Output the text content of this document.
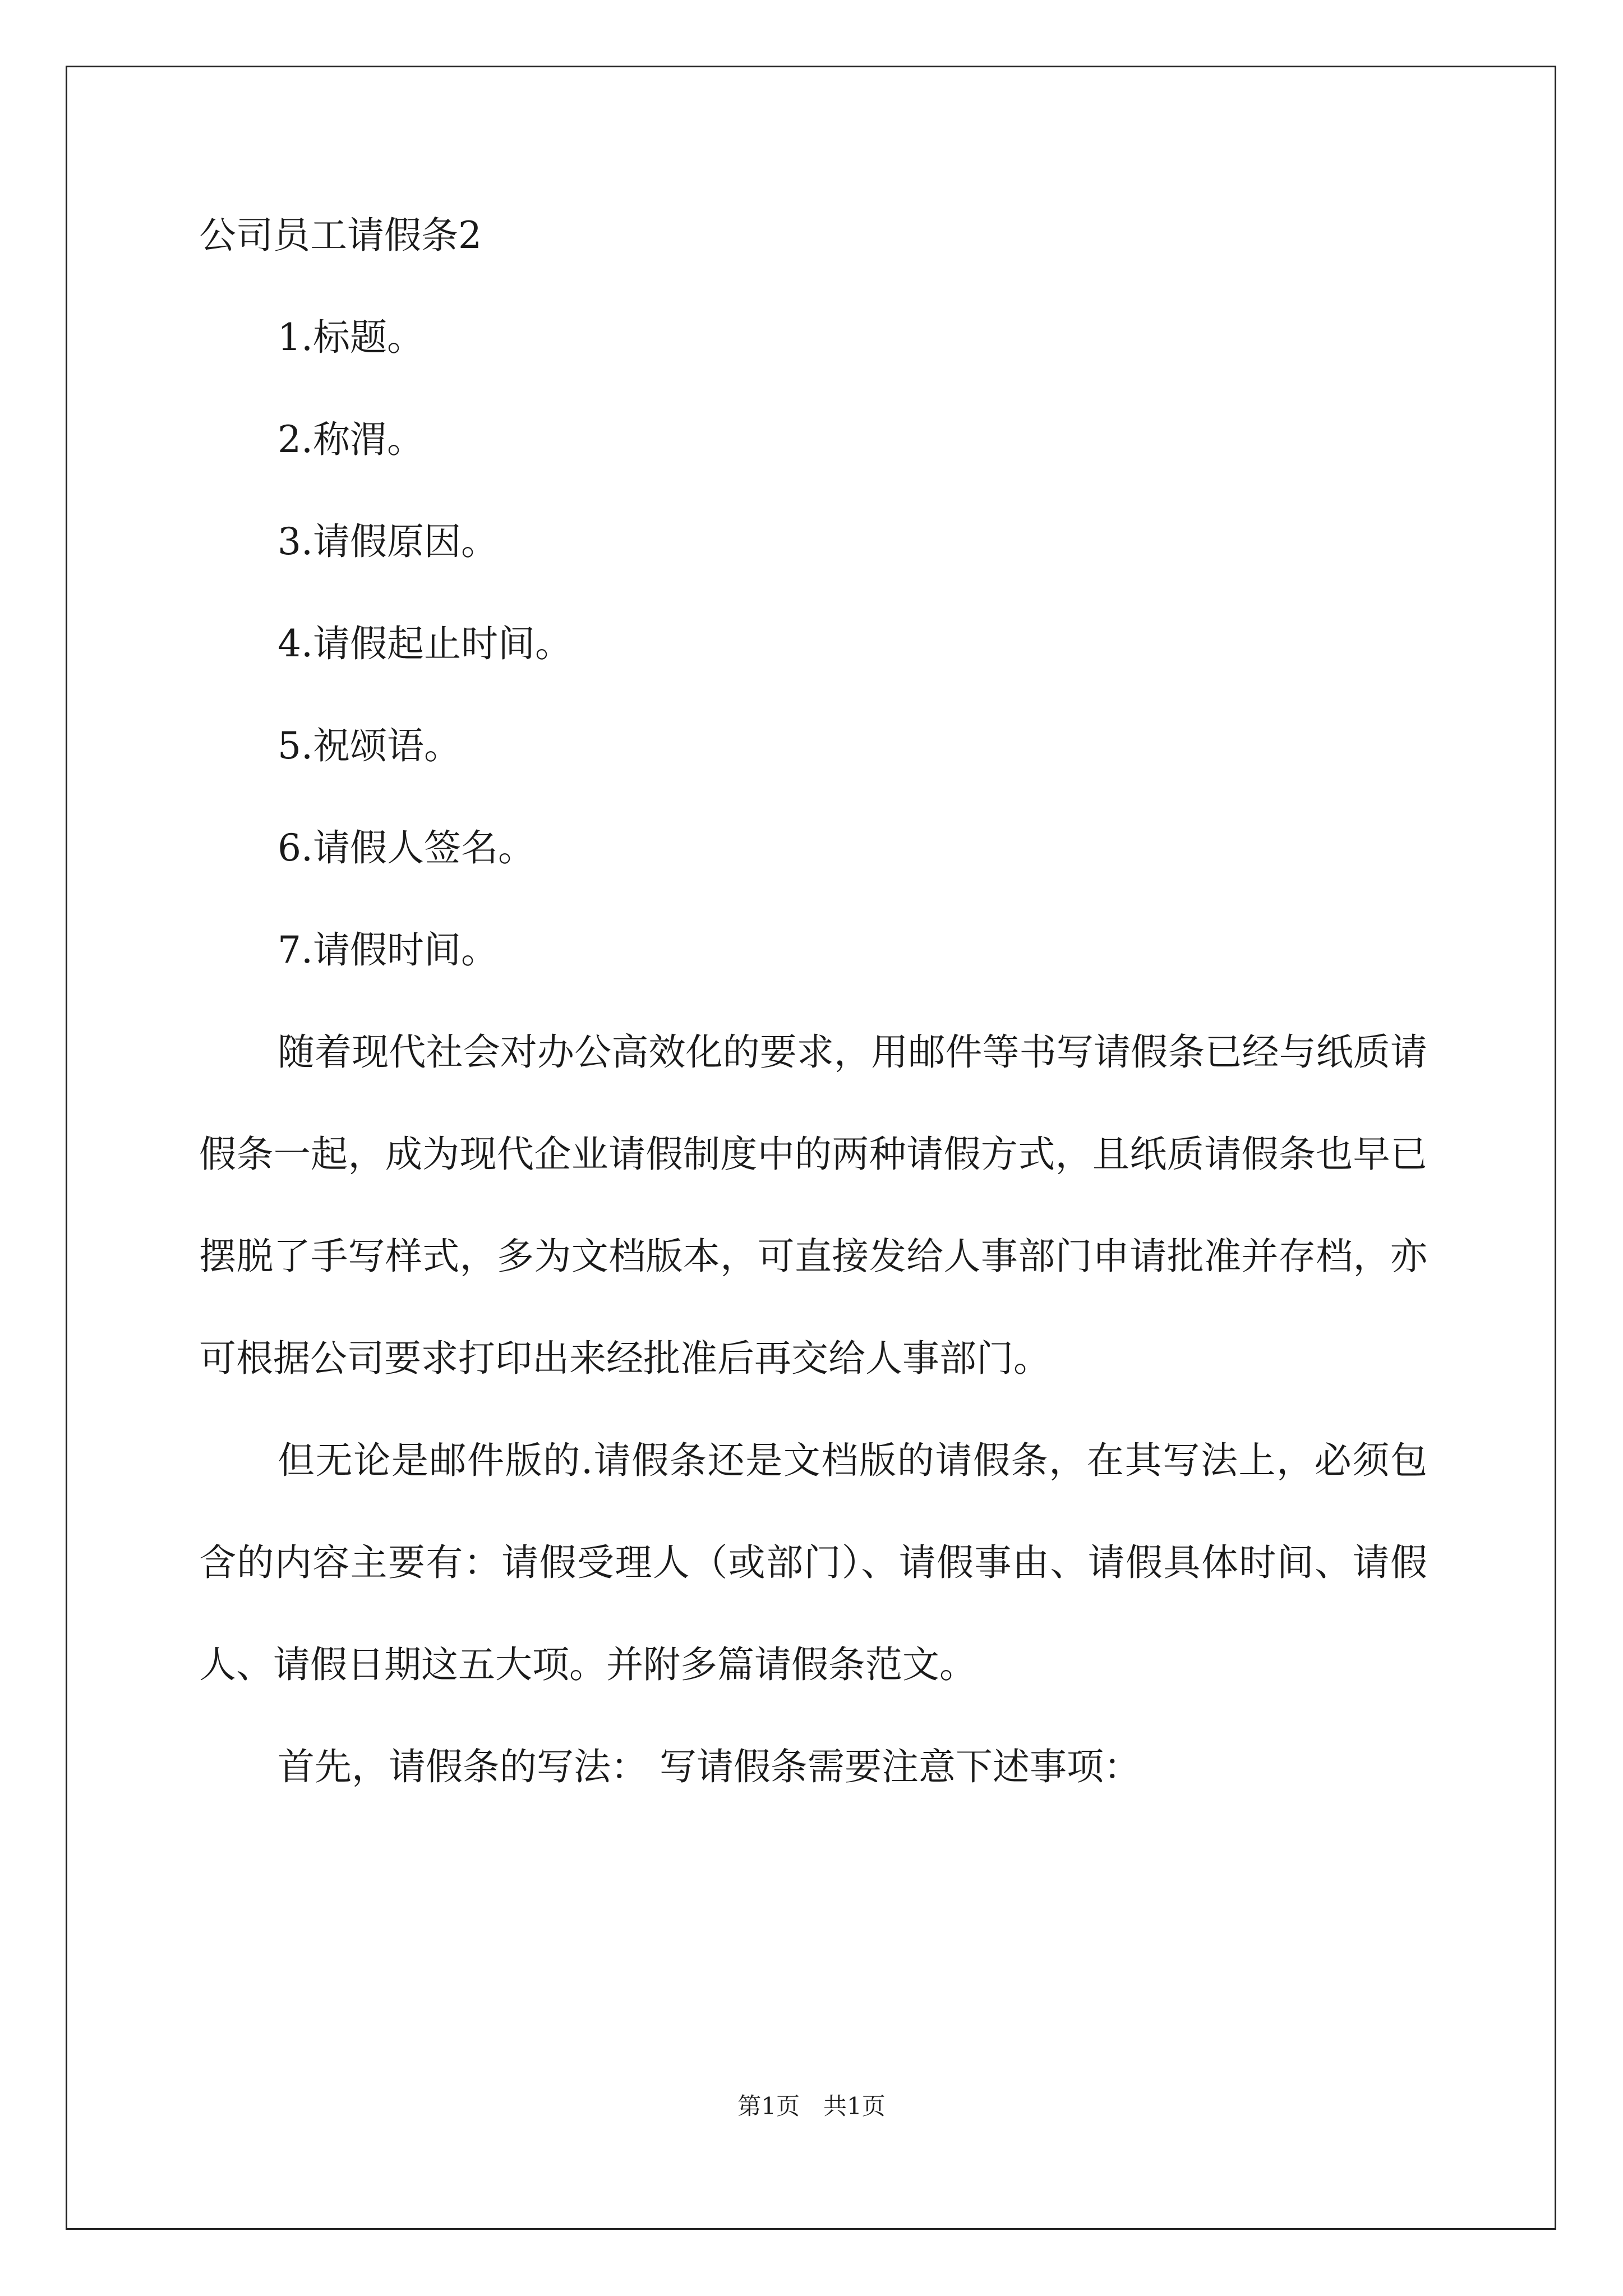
公司员工请假条2
1.标题。
2.称渭。
3.请假原因。
4.请假起止时间。
5.祝颂语。
6.请假人签名。
7.请假时间。

随着现代社会对办公高效化的要求，用邮件等书写请假条已经与纸质请假条一起，成为现代企业请假制度中的两种请假方式，且纸质请假条也早已摆脱了手写样式，多为文档版本，可直接发给人事部门申请批准并存档，亦可根据公司要求打印出来经批准后再交给人事部门。

但无论是邮件版的.请假条还是文档版的请假条，在其写法上，必须包含的内容主要有：请假受理人（或部门）、请假事由、请假具体时间、请假人、请假日期这五大项。并附多篇请假条范文。

首先，请假条的写法： 写请假条需要注意下述事项：

第1页　共1页
